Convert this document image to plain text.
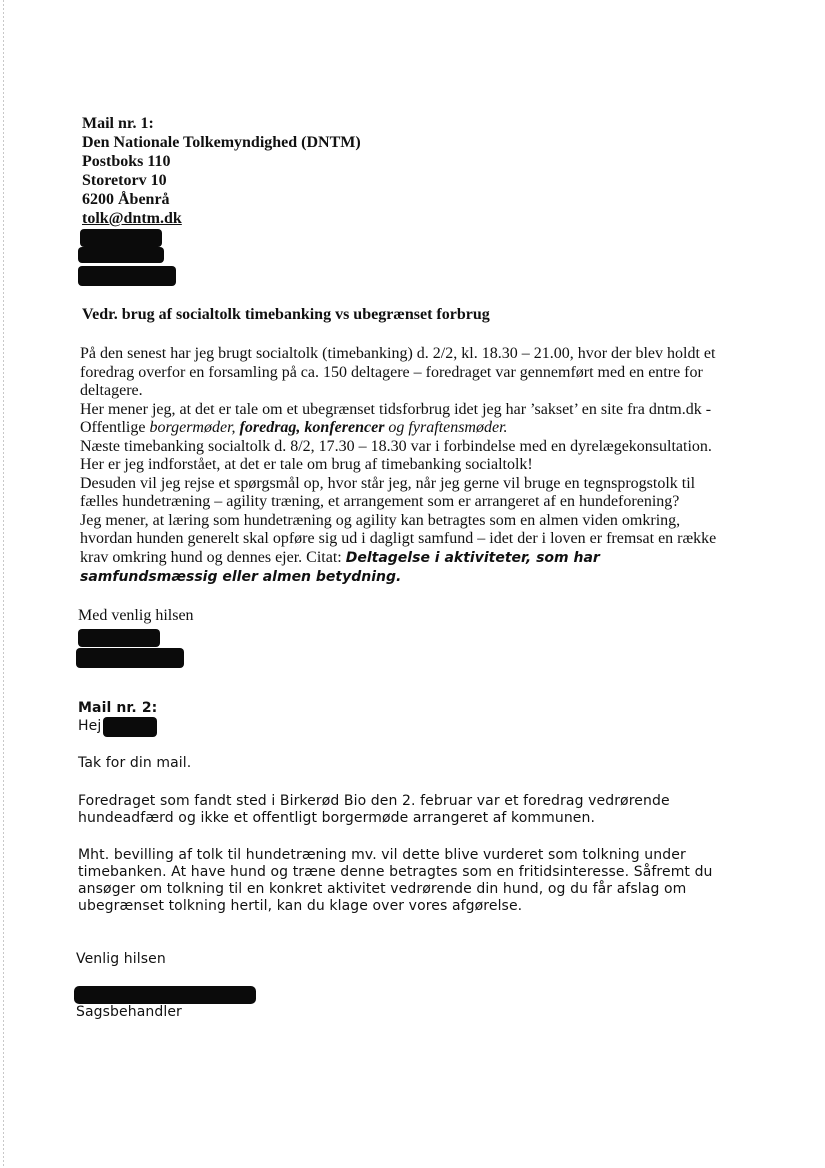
Mail nr. 1:
Den Nationale Tolkemyndighed (DNTM)
Postboks 110
Storetorv 10
6200 Åbenrå
tolk@dntm.dk
Vedr. brug af socialtolk timebanking vs ubegrænset forbrug
På den senest har jeg brugt socialtolk (timebanking) d. 2/2, kl. 18.30 – 21.00, hvor der blev holdt et
foredrag overfor en forsamling på ca. 150 deltagere – foredraget var gennemført med en entre for
deltagere.
Her mener jeg, at det er tale om et ubegrænset tidsforbrug idet jeg har ’sakset’ en site fra dntm.dk -
Offentlige borgermøder, foredrag, konferencer og fyraftensmøder.
Næste timebanking socialtolk d. 8/2, 17.30 – 18.30 var i forbindelse med en dyrelægekonsultation.
Her er jeg indforstået, at det er tale om brug af timebanking socialtolk!
Desuden vil jeg rejse et spørgsmål op, hvor står jeg, når jeg gerne vil bruge en tegnsprogstolk til
fælles hundetræning – agility træning, et arrangement som er arrangeret af en hundeforening?
Jeg mener, at læring som hundetræning og agility kan betragtes som en almen viden omkring,
hvordan hunden generelt skal opføre sig ud i dagligt samfund – idet der i loven er fremsat en række
krav omkring hund og dennes ejer. Citat: Deltagelse i aktiviteter, som har
samfundsmæssig eller almen betydning.
Med venlig hilsen
Mail nr. 2:
Hej
Tak for din mail.
Foredraget som fandt sted i Birkerød Bio den 2. februar var et foredrag vedrørende
hundeadfærd og ikke et offentligt borgermøde arrangeret af kommunen.
Mht. bevilling af tolk til hundetræning mv. vil dette blive vurderet som tolkning under
timebanken. At have hund og træne denne betragtes som en fritidsinteresse. Såfremt du
ansøger om tolkning til en konkret aktivitet vedrørende din hund, og du får afslag om
ubegrænset tolkning hertil, kan du klage over vores afgørelse.
Venlig hilsen
Sagsbehandler
